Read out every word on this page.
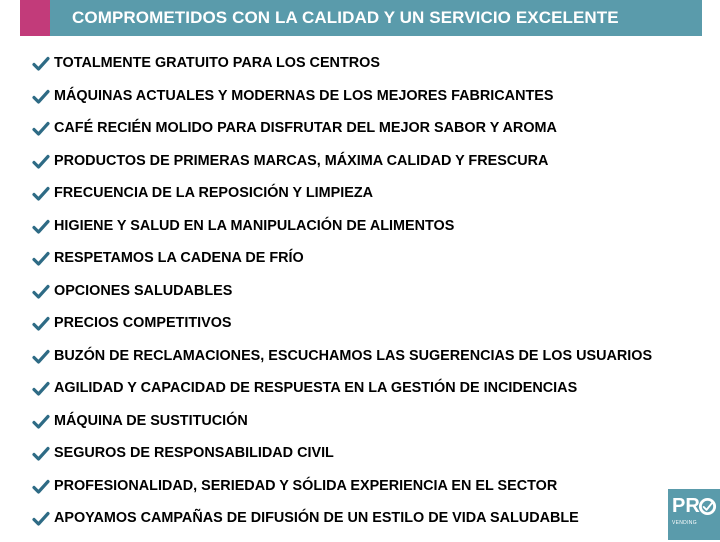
COMPROMETIDOS CON LA CALIDAD Y UN SERVICIO EXCELENTE
TOTALMENTE GRATUITO PARA LOS CENTROS
MÁQUINAS ACTUALES Y MODERNAS DE LOS MEJORES FABRICANTES
CAFÉ RECIÉN MOLIDO PARA DISFRUTAR DEL MEJOR SABOR Y AROMA
PRODUCTOS DE PRIMERAS MARCAS, MÁXIMA CALIDAD Y FRESCURA
FRECUENCIA DE LA REPOSICIÓN Y LIMPIEZA
HIGIENE Y SALUD EN LA MANIPULACIÓN DE ALIMENTOS
RESPETAMOS LA CADENA DE FRÍO
OPCIONES SALUDABLES
PRECIOS COMPETITIVOS
BUZÓN DE RECLAMACIONES, ESCUCHAMOS LAS SUGERENCIAS DE LOS USUARIOS
AGILIDAD Y CAPACIDAD DE RESPUESTA EN LA GESTIÓN DE INCIDENCIAS
MÁQUINA DE SUSTITUCIÓN
SEGUROS DE RESPONSABILIDAD CIVIL
PROFESIONALIDAD, SERIEDAD Y SÓLIDA EXPERIENCIA EN EL SECTOR
APOYAMOS CAMPAÑAS DE DIFUSIÓN DE UN ESTILO DE VIDA SALUDABLE
PR
VENDING
